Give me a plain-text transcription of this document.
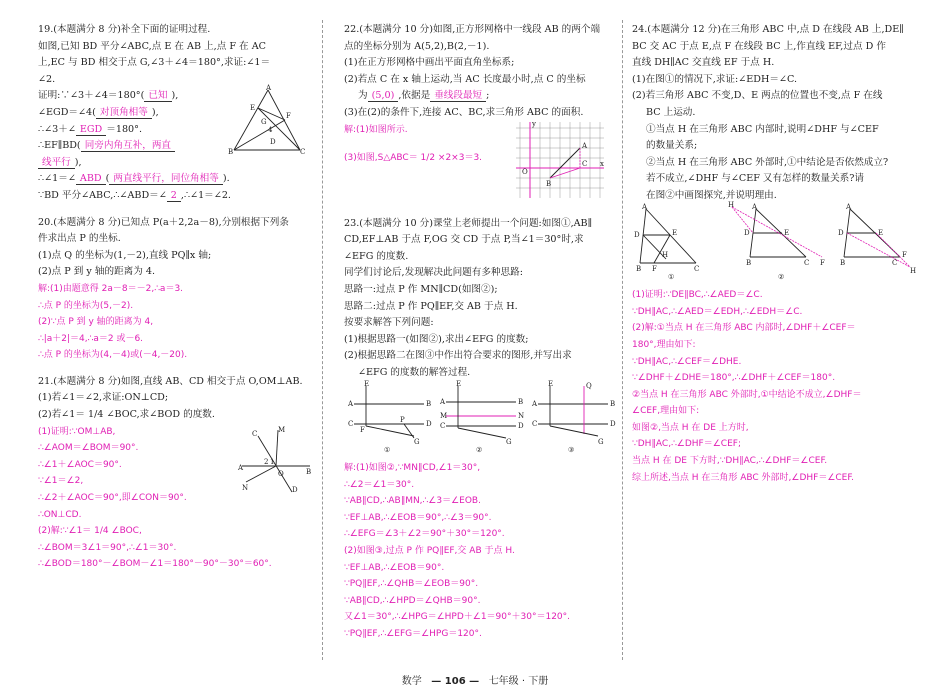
19.(本题满分 8 分)补全下面的证明过程.

如图,已知 BD 平分∠ABC,点 E 在 AB 上,点 F 在 AC

上,EC 与 BD 相交于点 G,∠3＋∠4＝180°,求证:∠1＝

∠2.

A
E
F
G
B	C
D
4

证明:∵∠3＋∠4＝180°( 已知 ),

∠EGD＝∠4( 对顶角相等 ),

∴∠3＋∠ EGD ＝180°.

∴EF∥BD( 同旁内角互补，两直

线平行 ),

∴∠1＝∠ ABD ( 两直线平行，同位角相等 ).

∵BD 平分∠ABC,∴∠ABD＝∠ 2 ,∴∠1＝∠2.

20.(本题满分 8 分)已知点 P(a＋2,2a－8),分别根据下列条

件求出点 P 的坐标.

(1)点 Q 的坐标为(1,－2),直线 PQ∥x 轴;

(2)点 P 到 y 轴的距离为 4.

解:(1)由题意得 2a－8＝－2,∴a＝3.

∴点 P 的坐标为(5,－2).

(2)∵点 P 到 y 轴的距离为 4,

∴|a＋2|＝4,∴a＝2 或－6.

∴点 P 的坐标为(4,－4)或(－4,－20).

21.(本题满分 8 分)如图,直线 AB、CD 相交于点 O,OM⊥AB.

(1)若∠1＝∠2,求证:ON⊥CD;

(2)若∠1＝ 1/4 ∠BOC,求∠BOD 的度数.

C	M
A	B
N
O
D
2 1

(1)证明:∵OM⊥AB,

∴∠AOM＝∠BOM＝90°.

∴∠1＋∠AOC＝90°.

∵∠1＝∠2,

∴∠2＋∠AOC＝90°,即∠CON＝90°.

∴ON⊥CD.

(2)解:∵∠1＝ 1/4 ∠BOC,

∴∠BOM＝3∠1＝90°,∴∠1＝30°.

∴∠BOD＝180°－∠BOM－∠1＝180°－90°－30°＝60°.

22.(本题满分 10 分)如图,正方形网格中一线段 AB 的两个端

点的坐标分别为 A(5,2),B(2,－1).

(1)在正方形网格中画出平面直角坐标系;

(2)若点 C 在 x 轴上运动,当 AC 长度最小时,点 C 的坐标

为 (5,0) ,依据是 垂线段最短 ;

(3)在(2)的条件下,连接 AC、BC,求三角形 ABC 的面积.

解:(1)如图所示.

(3)如图,S△ABC＝ 1/2 ×2×3＝3.

A
B
C
O
y
x

23.(本题满分 10 分)课堂上老师提出一个问题:如图①,AB∥

CD,EF⊥AB 于点 F,OG 交 CD 于点 P,当∠1＝30°时,求

∠EFG 的度数.

同学们讨论后,发现解决此问题有多种思路:

思路一:过点 P 作 MN∥CD(如图②);

思路二:过点 P 作 PQ∥EF,交 AB 于点 H.

按要求解答下列问题:

(1)根据思路一(如图②),求出∠EFG 的度数;

(2)根据思路二在图③中作出符合要求的图形,并写出求

∠EFG 的度数的解答过程.

E
A	B
C	D
F
P
G
①
E
A	B
M	N
C	D
G
②
E	Q
A	B
C	D
G
③

解:(1)如图②,∵MN∥CD,∠1＝30°,

∴∠2＝∠1＝30°.

∵AB∥CD,∴AB∥MN,∴∠3＝∠EOB.

∵EF⊥AB,∴∠EOB＝90°,∴∠3＝90°.

∴∠EFG＝∠3＋∠2＝90°＋30°＝120°.

(2)如图③,过点 P 作 PQ∥EF,交 AB 于点 H.

∵EF⊥AB,∴∠EOB＝90°.

∵PQ∥EF,∴∠QHB＝∠EOB＝90°.

∵AB∥CD,∴∠HPD＝∠QHB＝90°.

又∠1＝30°,∴∠HPG＝∠HPD＋∠1＝90°＋30°＝120°.

∵PQ∥EF,∴∠EFG＝∠HPG＝120°.

24.(本题满分 12 分)在三角形 ABC 中,点 D 在线段 AB 上,DE∥

BC 交 AC 于点 E,点 F 在线段 BC 上,作直线 EF,过点 D 作

直线 DH∥AC 交直线 EF 于点 H.

(1)在图①的情况下,求证:∠EDH＝∠C.

(2)若三角形 ABC 不变,D、E 两点的位置也不变,点 F 在线

BC 上运动.

①当点 H 在三角形 ABC 内部时,说明∠DHF 与∠CEF

的数量关系;

②当点 H 在三角形 ABC 外部时,①中结论是否依然成立?

若不成立,∠DHF 与∠CEF 又有怎样的数量关系?请

在图②中画图探究,并说明理由.

A
D	E
H
B F	C
①
A
D	E
B	C
H
F
②
A
D	E
B	C
F
H

(1)证明:∵DE∥BC,∴∠AED＝∠C.

∵DH∥AC,∴∠AED＝∠EDH,∴∠EDH＝∠C.

(2)解:①当点 H 在三角形 ABC 内部时,∠DHF＋∠CEF＝

180°,理由如下:

∵DH∥AC,∴∠CEF＝∠DHE.

∵∠DHF＋∠DHE＝180°,∴∠DHF＋∠CEF＝180°.

②当点 H 在三角形 ABC 外部时,①中结论不成立,∠DHF＝

∠CEF,理由如下:

如图②,当点 H 在 DE 上方时,

∵DH∥AC,∴∠DHF＝∠CEF;

当点 H 在 DE 下方时,∵DH∥AC,∴∠DHF＝∠CEF.

综上所述,当点 H 在三角形 ABC 外部时,∠DHF＝∠CEF.

数学 — 106 — 七年级 · 下册
